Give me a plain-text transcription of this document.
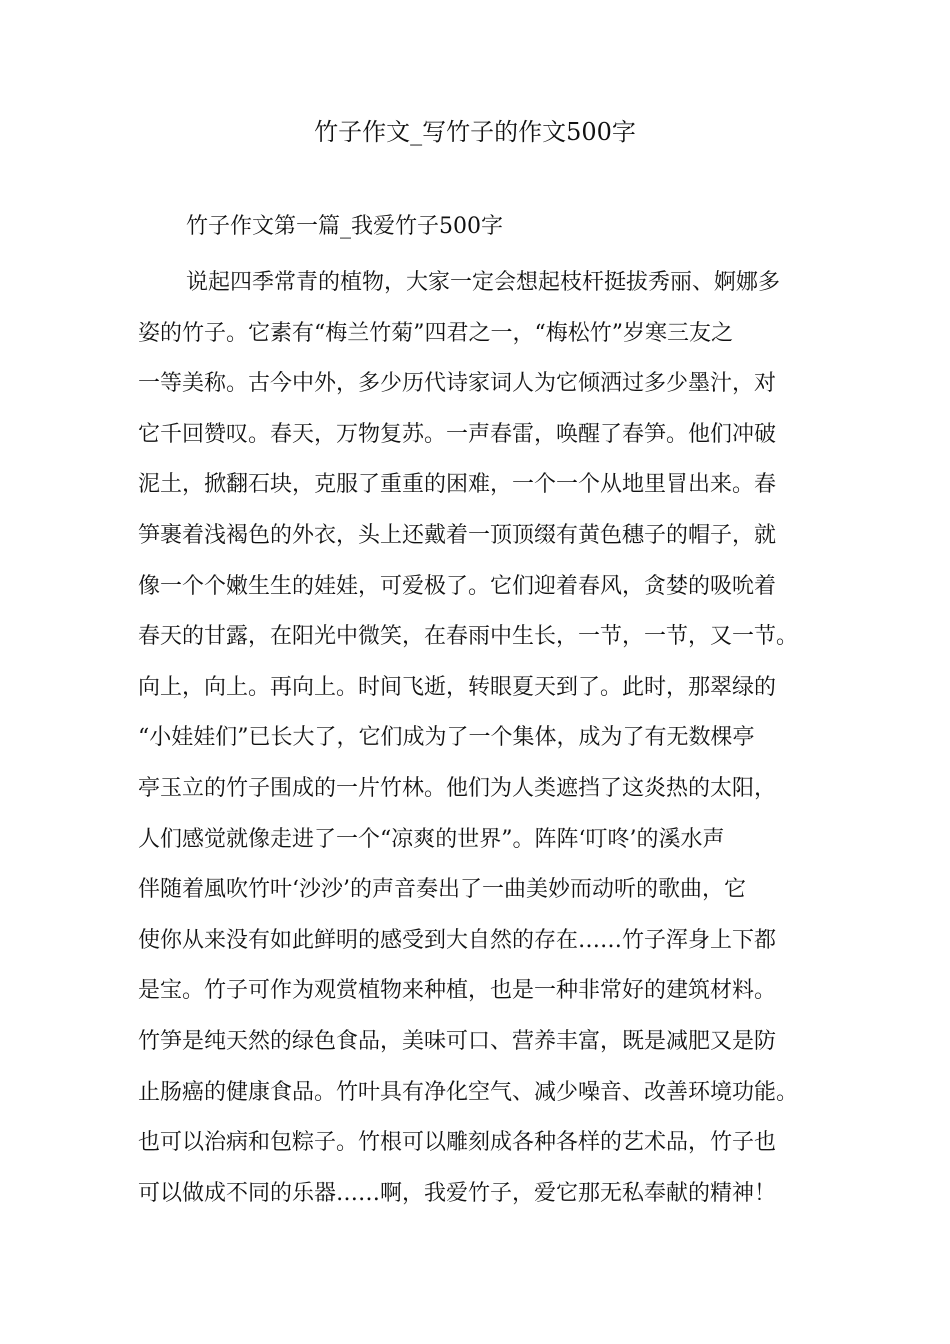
竹子作文_写竹子的作文500字
竹子作文第一篇_我爱竹子500字

说起四季常青的植物，大家一定会想起枝杆挺拔秀丽、婀娜多
姿的竹子。它素有“梅兰竹菊”四君之一，“梅松竹”岁寒三友之
一等美称。古今中外，多少历代诗家词人为它倾洒过多少墨汁，对
它千回赞叹。春天，万物复苏。一声春雷，唤醒了春笋。他们冲破
泥土，掀翻石块，克服了重重的困难，一个一个从地里冒出来。春
笋裹着浅褐色的外衣，头上还戴着一顶顶缀有黄色穗子的帽子，就
像一个个嫩生生的娃娃，可爱极了。它们迎着春风，贪婪的吸吮着
春天的甘露，在阳光中微笑，在春雨中生长，一节，一节，又一节。
向上，向上。再向上。时间飞逝，转眼夏天到了。此时，那翠绿的
“小娃娃们”已长大了，它们成为了一个集体，成为了有无数棵亭
亭玉立的竹子围成的一片竹林。他们为人类遮挡了这炎热的太阳，
人们感觉就像走进了一个“凉爽的世界”。阵阵‘叮咚’的溪水声
伴随着風吹竹叶‘沙沙’的声音奏出了一曲美妙而动听的歌曲，它
使你从来没有如此鲜明的感受到大自然的存在……竹子浑身上下都
是宝。竹子可作为观赏植物来种植，也是一种非常好的建筑材料。
竹笋是纯天然的绿色食品，美味可口、营养丰富，既是减肥又是防
止肠癌的健康食品。竹叶具有净化空气、减少噪音、改善环境功能。
也可以治病和包粽子。竹根可以雕刻成各种各样的艺术品，竹子也
可以做成不同的乐器……啊，我爱竹子，爱它那无私奉献的精神！
